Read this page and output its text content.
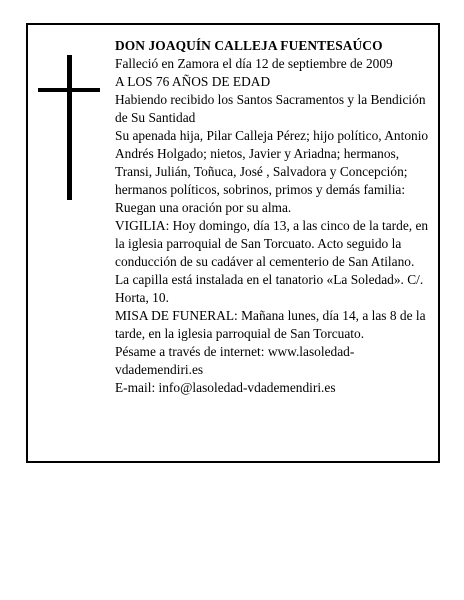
DON JOAQUÍN CALLEJA FUENTESAÚCO

Falleció en Zamora el día 12 de septiembre de 2009

A LOS 76 AÑOS DE EDAD

Habiendo recibido los Santos Sacramentos y la Bendición de Su Santidad

Su apenada hija, Pilar Calleja Pérez; hijo político, Antonio Andrés Holgado; nietos, Javier y Ariadna; hermanos, Transi, Julián, Toñuca, José , Salvadora y Concepción; hermanos políticos, sobrinos, primos y demás familia:

Ruegan una oración por su alma.

VIGILIA: Hoy domingo, día 13, a las cinco de la tarde, en la iglesia parroquial de San Torcuato. Acto seguido la conducción de su cadáver al cementerio de San Atilano.

La capilla está instalada en el tanatorio «La Soledad». C/. Horta, 10.

MISA DE FUNERAL: Mañana lunes, día 14, a las 8 de la tarde, en la iglesia parroquial de San Torcuato.

Pésame a través de internet: www.lasoledad-vdademendiri.es

E-mail: info@lasoledad-vdademendiri.es
